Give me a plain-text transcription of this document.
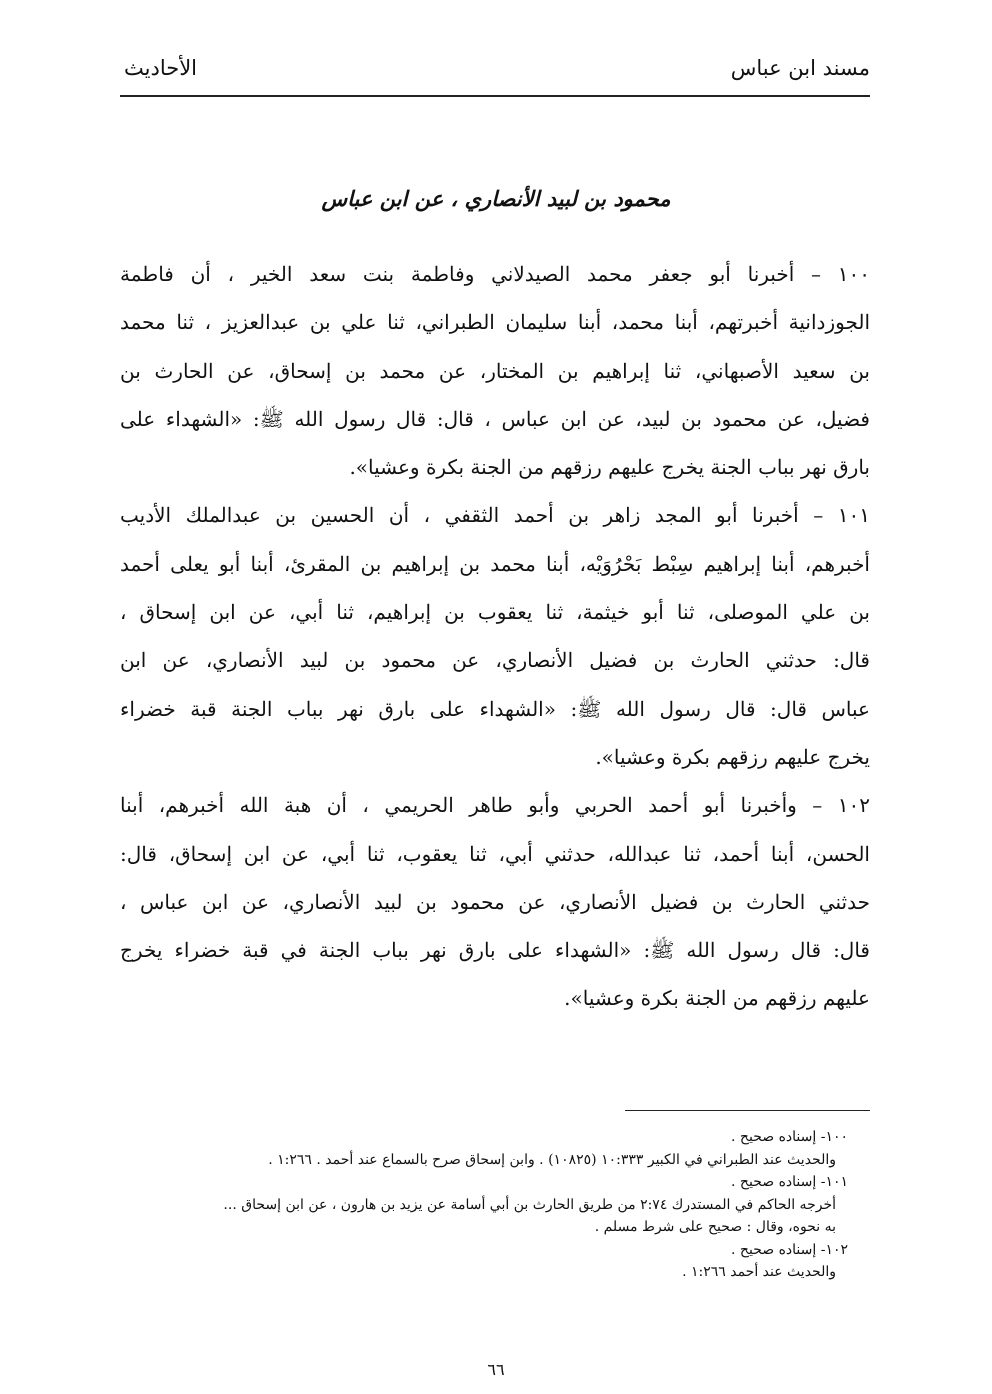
مسند ابن عباس
الأحاديث
محمود بن لبيد الأنصاري ، عن ابن عباس
١٠٠ – أخبرنا أبو جعفر محمد الصيدلاني وفاطمة بنت سعد الخير ، أن فاطمة
الجوزدانية أخبرتهم، أبنا محمد، أبنا سليمان الطبراني، ثنا علي بن عبدالعزيز ، ثنا محمد
بن سعيد الأصبهاني، ثنا إبراهيم بن المختار، عن محمد بن إسحاق، عن الحارث بن
فضيل، عن محمود بن لبيد، عن ابن عباس ، قال: قال رسول الله ﷺ: «الشهداء على
بارق نهر بباب الجنة يخرج عليهم رزقهم من الجنة بكرة وعشيا».
١٠١ – أخبرنا أبو المجد زاهر بن أحمد الثقفي ، أن الحسين بن عبدالملك الأديب
أخبرهم، أبنا إبراهيم سِبْط بَحْرُوَيْه، أبنا محمد بن إبراهيم بن المقرئ، أبنا أبو يعلى أحمد
بن علي الموصلى، ثنا أبو خيثمة، ثنا يعقوب بن إبراهيم، ثنا أبي، عن ابن إسحاق ،
قال: حدثني الحارث بن فضيل الأنصاري، عن محمود بن لبيد الأنصاري، عن ابن
عباس قال: قال رسول الله ﷺ: «الشهداء على بارق نهر بباب الجنة قبة خضراء
يخرج عليهم رزقهم بكرة وعشيا».
١٠٢ – وأخبرنا أبو أحمد الحربي وأبو طاهر الحريمي ، أن هبة الله أخبرهم، أبنا
الحسن، أبنا أحمد، ثنا عبدالله، حدثني أبي، ثنا يعقوب، ثنا أبي، عن ابن إسحاق، قال:
حدثني الحارث بن فضيل الأنصاري، عن محمود بن لبيد الأنصاري، عن ابن عباس ،
قال: قال رسول الله ﷺ: «الشهداء على بارق نهر بباب الجنة في قبة خضراء يخرج
عليهم رزقهم من الجنة بكرة وعشيا».
١٠٠- إسناده صحيح .
والحديث عند الطبراني في الكبير ١٠:٣٣٣ (١٠٨٢٥) . وابن إسحاق صرح بالسماع عند أحمد . ١:٢٦٦ .
١٠١- إسناده صحيح .
أخرجه الحاكم في المستدرك ٢:٧٤ من طريق الحارث بن أبي أسامة عن يزيد بن هارون ، عن ابن إسحاق ...
به نحوه، وقال : صحيح على شرط مسلم .
١٠٢- إسناده صحيح .
والحديث عند أحمد ١:٢٦٦ .
٦٦
